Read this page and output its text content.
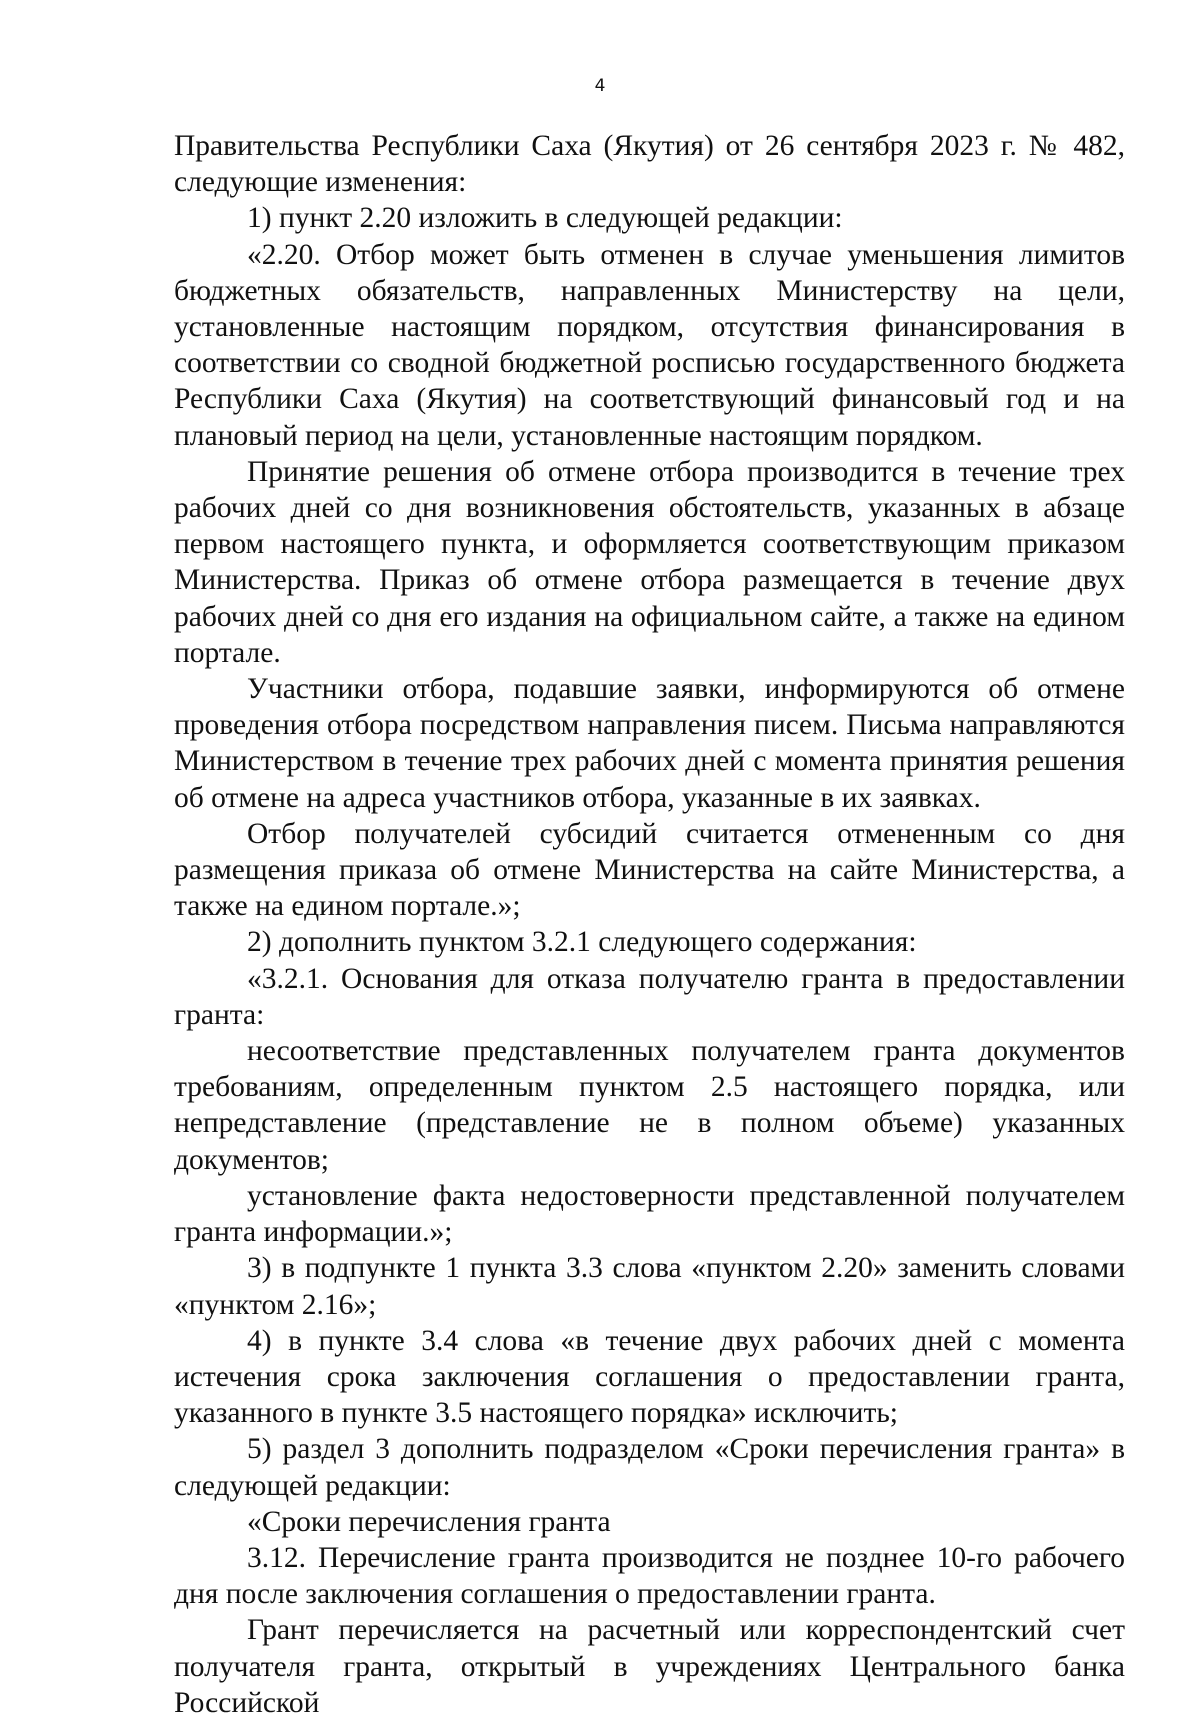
4

Правительства Республики Саха (Якутия) от 26 сентября 2023 г. № 482, следующие изменения:

1) пункт 2.20 изложить в следующей редакции:

«2.20. Отбор может быть отменен в случае уменьшения лимитов бюджетных обязательств, направленных Министерству на цели, установленные настоящим порядком, отсутствия финансирования в соответствии со сводной бюджетной росписью государственного бюджета Республики Саха (Якутия) на соответствующий финансовый год и на плановый период на цели, установленные настоящим порядком.

Принятие решения об отмене отбора производится в течение трех рабочих дней со дня возникновения обстоятельств, указанных в абзаце первом настоящего пункта, и оформляется соответствующим приказом Министерства. Приказ об отмене отбора размещается в течение двух рабочих дней со дня его издания на официальном сайте, а также на едином портале.

Участники отбора, подавшие заявки, информируются об отмене проведения отбора посредством направления писем. Письма направляются Министерством в течение трех рабочих дней с момента принятия решения об отмене на адреса участников отбора, указанные в их заявках.

Отбор получателей субсидий считается отмененным со дня размещения приказа об отмене Министерства на сайте Министерства, а также на едином портале.»;

2) дополнить пунктом 3.2.1 следующего содержания:

«3.2.1. Основания для отказа получателю гранта в предоставлении гранта:

несоответствие представленных получателем гранта документов требованиям, определенным пунктом 2.5 настоящего порядка, или непредставление (представление не в полном объеме) указанных документов;

установление факта недостоверности представленной получателем гранта информации.»;

3) в подпункте 1 пункта 3.3 слова «пунктом 2.20» заменить словами «пунктом 2.16»;

4) в пункте 3.4 слова «в течение двух рабочих дней с момента истечения срока заключения соглашения о предоставлении гранта, указанного в пункте 3.5 настоящего порядка» исключить;

5) раздел 3 дополнить подразделом «Сроки перечисления гранта» в следующей редакции:

«Сроки перечисления гранта

3.12. Перечисление гранта производится не позднее 10-го рабочего дня после заключения соглашения о предоставлении гранта.

Грант перечисляется на расчетный или корреспондентский счет получателя гранта, открытый в учреждениях Центрального банка Российской
